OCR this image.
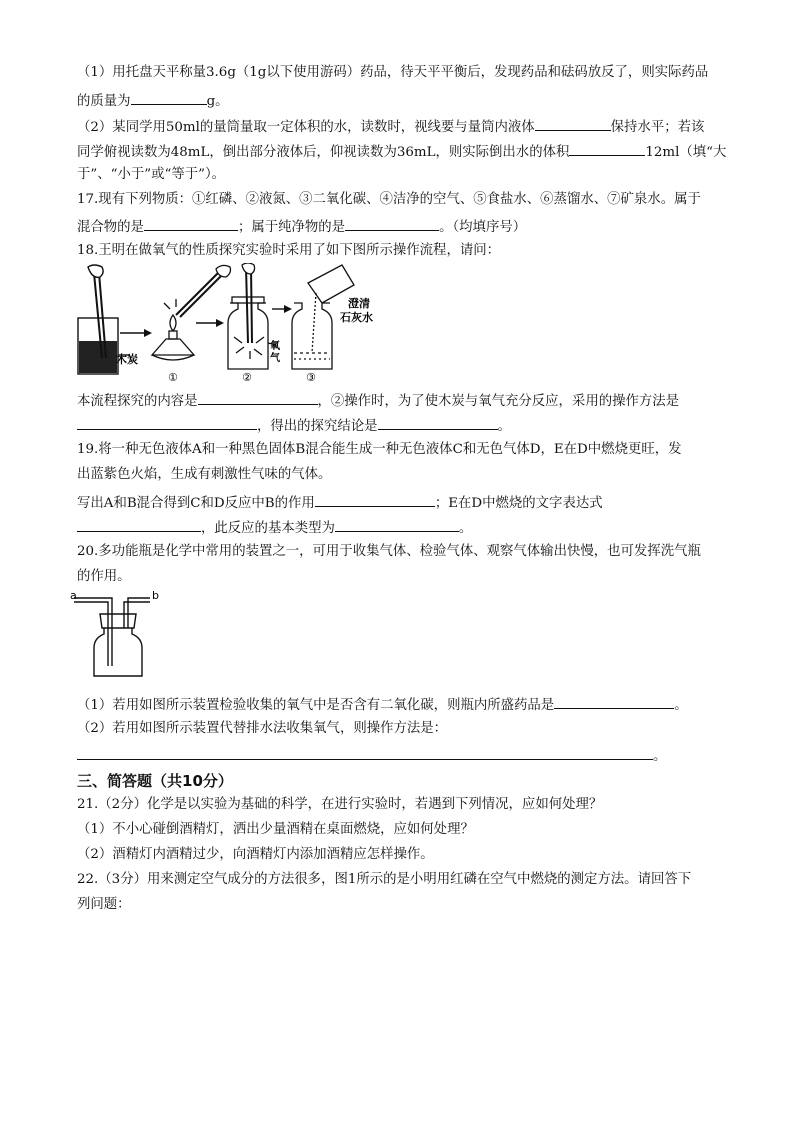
（1）用托盘天平称量3.6g（1g以下使用游码）药品，待天平平衡后，发现药品和砝码放反了，则实际药品
的质量为	g。
（2）某同学用50ml的量筒量取一定体积的水，读数时，视线要与量筒内液体	保持水平；若该
同学俯视读数为48mL，倒出部分液体后，仰视读数为36mL，则实际倒出水的体积	12ml（填“大
于”、“小于”或“等于”）。
17.现有下列物质：①红磷、②液氮、③二氧化碳、④洁净的空气、⑤食盐水、⑥蒸馏水、⑦矿泉水。属于
混合物的是	；属于纯净物的是	。（均填序号）
18.王明在做氧气的性质探究实验时采用了如下图所示操作流程，请问：
木炭
①
氧
气
②
澄清
石灰水
③
本流程探究的内容是	，②操作时，为了使木炭与氧气充分反应，采用的操作方法是
，得出的探究结论是	。
19.将一种无色液体A和一种黑色固体B混合能生成一种无色液体C和无色气体D，E在D中燃烧更旺，发
出蓝紫色火焰，生成有刺激性气味的气体。
写出A和B混合得到C和D反应中B的作用	；E在D中燃烧的文字表达式
，此反应的基本类型为	。
20.多功能瓶是化学中常用的装置之一，可用于收集气体、检验气体、观察气体输出快慢，也可发挥洗气瓶
的作用。
a	b
（1）若用如图所示装置检验收集的氧气中是否含有二氧化碳，则瓶内所盛药品是	。
（2）若用如图所示装置代替排水法收集氧气，则操作方法是：
。
三、简答题（共10分）
21.（2分）化学是以实验为基础的科学，在进行实验时，若遇到下列情况，应如何处理？
（1）不小心碰倒酒精灯，洒出少量酒精在桌面燃烧，应如何处理？
（2）酒精灯内酒精过少，向酒精灯内添加酒精应怎样操作。
22.（3分）用来测定空气成分的方法很多，图1所示的是小明用红磷在空气中燃烧的测定方法。请回答下
列问题：
